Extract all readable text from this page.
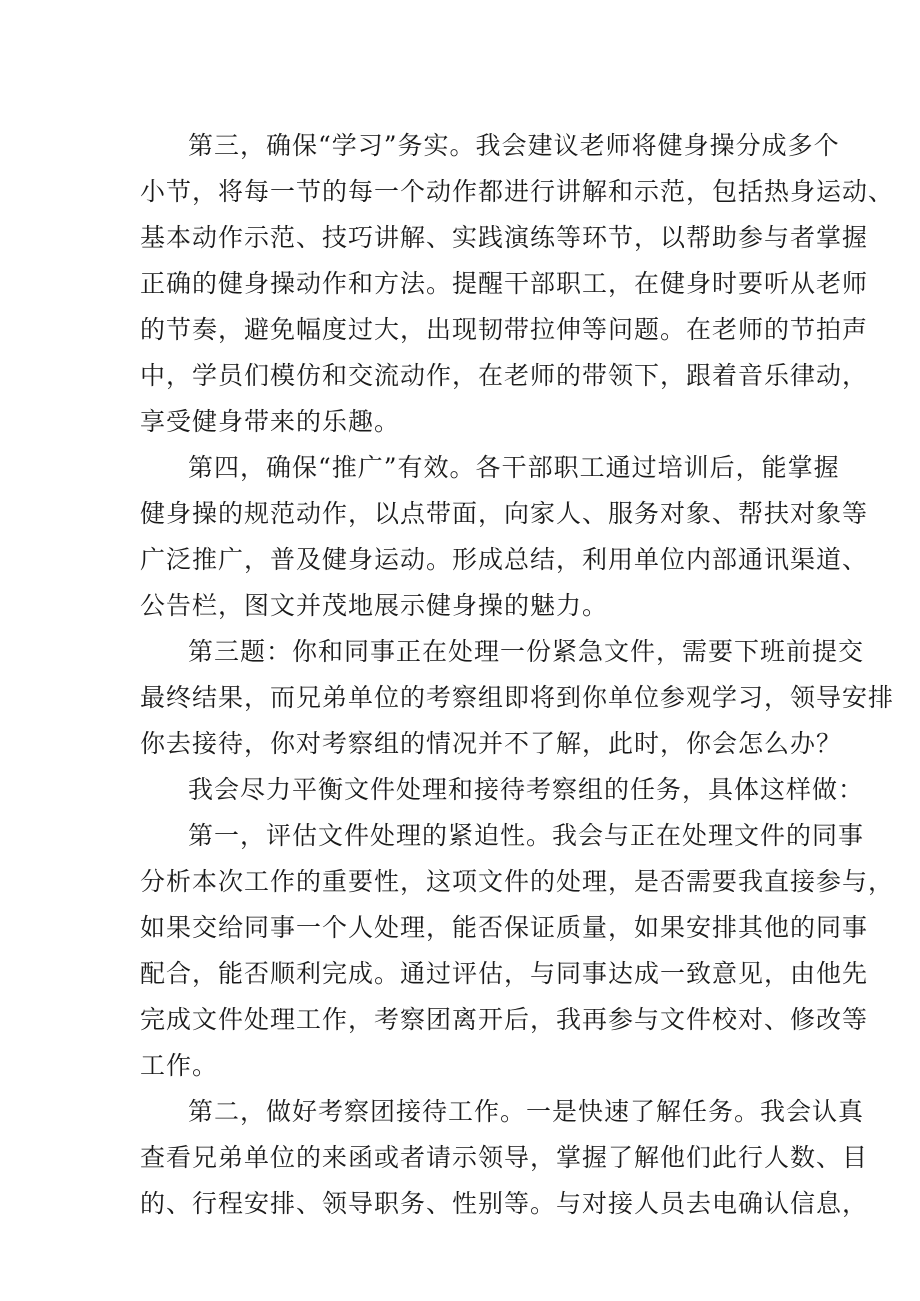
第三，确保“学习”务实。我会建议老师将健身操分成多个
小节，将每一节的每一个动作都进行讲解和示范，包括热身运动、
基本动作示范、技巧讲解、实践演练等环节，以帮助参与者掌握
正确的健身操动作和方法。提醒干部职工，在健身时要听从老师
的节奏，避免幅度过大，出现韧带拉伸等问题。在老师的节拍声
中，学员们模仿和交流动作，在老师的带领下，跟着音乐律动，
享受健身带来的乐趣。
第四，确保“推广”有效。各干部职工通过培训后，能掌握
健身操的规范动作，以点带面，向家人、服务对象、帮扶对象等
广泛推广，普及健身运动。形成总结，利用单位内部通讯渠道、
公告栏，图文并茂地展示健身操的魅力。
第三题：你和同事正在处理一份紧急文件，需要下班前提交
最终结果，而兄弟单位的考察组即将到你单位参观学习，领导安排
你去接待，你对考察组的情况并不了解，此时，你会怎么办？
我会尽力平衡文件处理和接待考察组的任务，具体这样做：
第一，评估文件处理的紧迫性。我会与正在处理文件的同事
分析本次工作的重要性，这项文件的处理，是否需要我直接参与，
如果交给同事一个人处理，能否保证质量，如果安排其他的同事
配合，能否顺利完成。通过评估，与同事达成一致意见，由他先
完成文件处理工作，考察团离开后，我再参与文件校对、修改等
工作。
第二，做好考察团接待工作。一是快速了解任务。我会认真
查看兄弟单位的来函或者请示领导，掌握了解他们此行人数、目
的、行程安排、领导职务、性别等。与对接人员去电确认信息，
